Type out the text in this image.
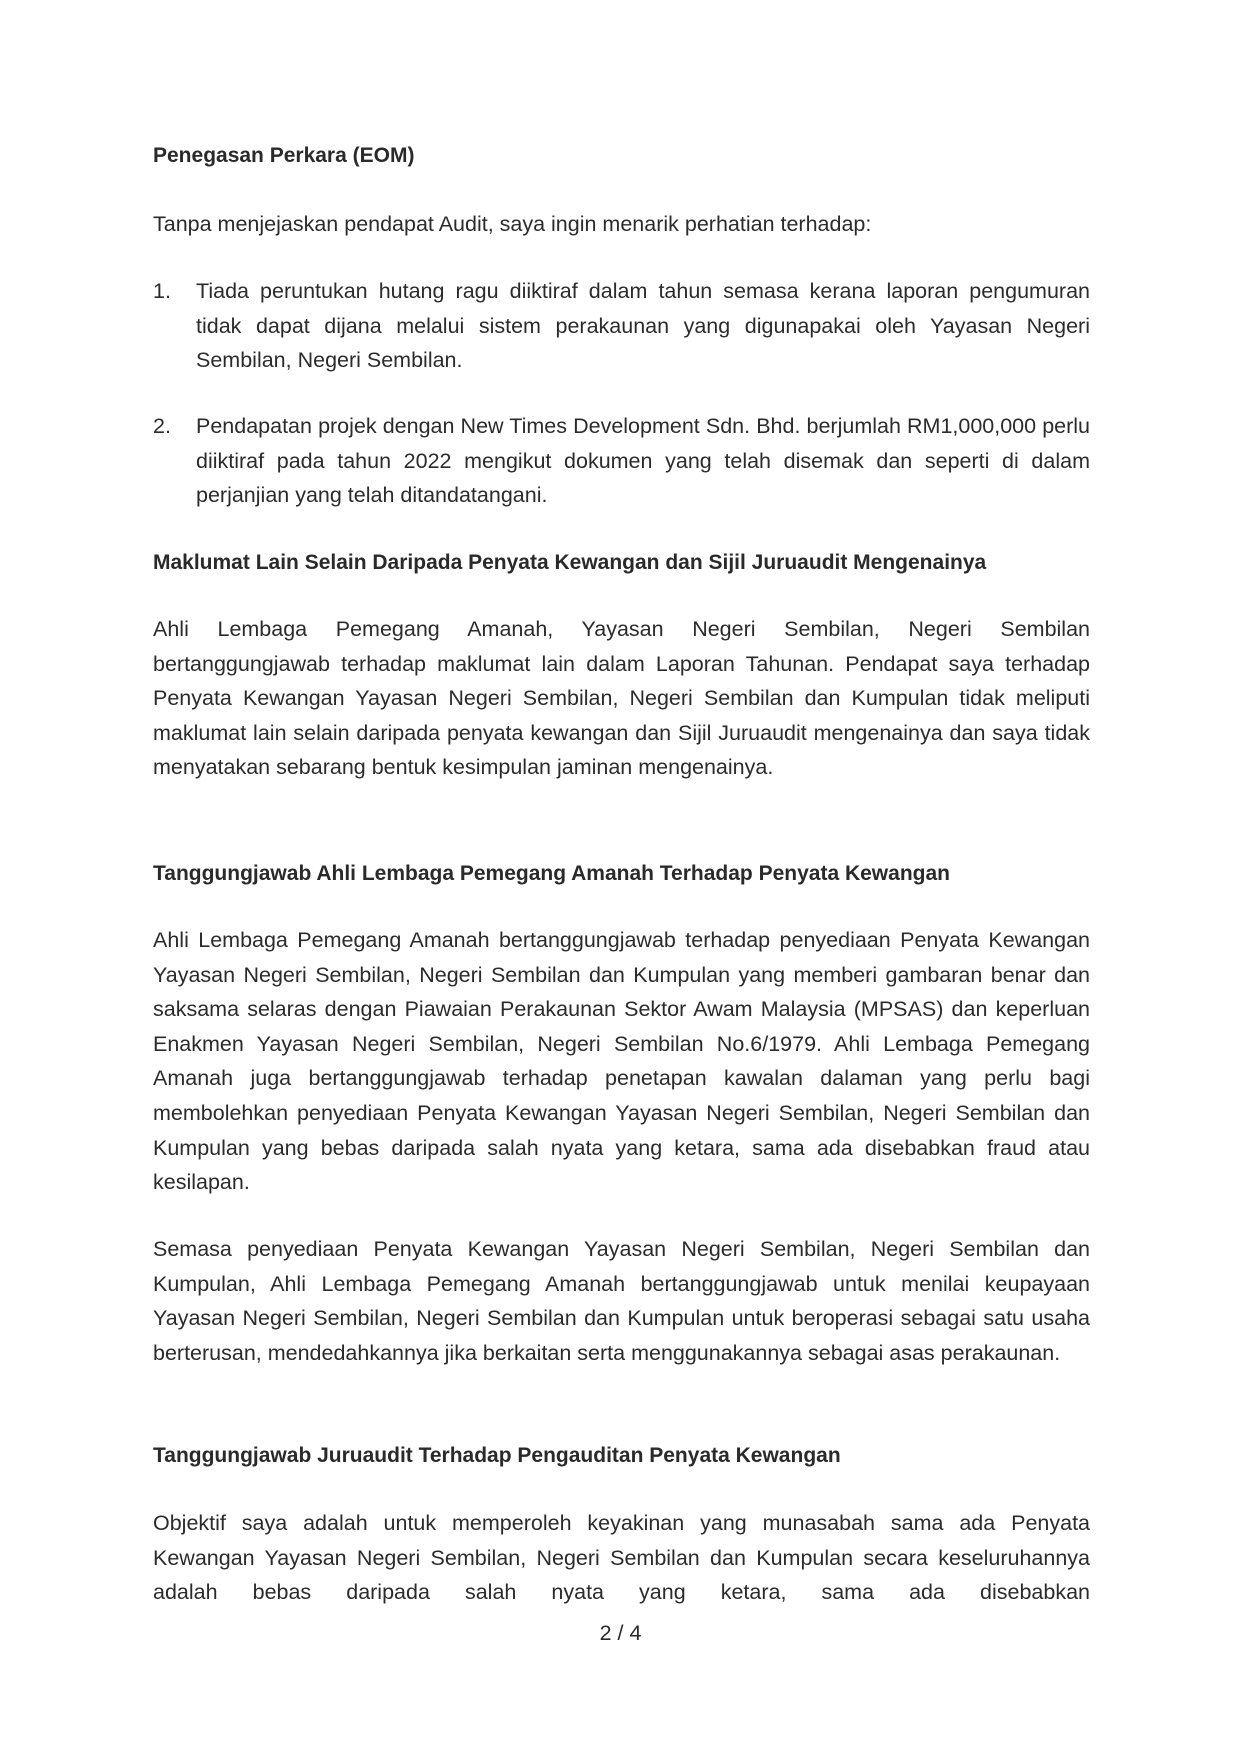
Penegasan Perkara (EOM)

Tanpa menjejaskan pendapat Audit, saya ingin menarik perhatian terhadap:

1.	Tiada peruntukan hutang ragu diiktiraf dalam tahun semasa kerana laporan pengumuran tidak dapat dijana melalui sistem perakaunan yang digunapakai oleh Yayasan Negeri Sembilan, Negeri Sembilan.

2.	Pendapatan projek dengan New Times Development Sdn. Bhd. berjumlah RM1,000,000 perlu diiktiraf pada tahun 2022 mengikut dokumen yang telah disemak dan seperti di dalam perjanjian yang telah ditandatangani.

Maklumat Lain Selain Daripada Penyata Kewangan dan Sijil Juruaudit Mengenainya

Ahli Lembaga Pemegang Amanah, Yayasan Negeri Sembilan, Negeri Sembilan bertanggungjawab terhadap maklumat lain dalam Laporan Tahunan. Pendapat saya terhadap Penyata Kewangan Yayasan Negeri Sembilan, Negeri Sembilan dan Kumpulan tidak meliputi maklumat lain selain daripada penyata kewangan dan Sijil Juruaudit mengenainya dan saya tidak menyatakan sebarang bentuk kesimpulan jaminan mengenainya.

Tanggungjawab Ahli Lembaga Pemegang Amanah Terhadap Penyata Kewangan

Ahli Lembaga Pemegang Amanah bertanggungjawab terhadap penyediaan Penyata Kewangan Yayasan Negeri Sembilan, Negeri Sembilan dan Kumpulan yang memberi gambaran benar dan saksama selaras dengan Piawaian Perakaunan Sektor Awam Malaysia (MPSAS) dan keperluan Enakmen Yayasan Negeri Sembilan, Negeri Sembilan No.6/1979. Ahli Lembaga Pemegang Amanah juga bertanggungjawab terhadap penetapan kawalan dalaman yang perlu bagi membolehkan penyediaan Penyata Kewangan Yayasan Negeri Sembilan, Negeri Sembilan dan Kumpulan yang bebas daripada salah nyata yang ketara, sama ada disebabkan fraud atau kesilapan.

Semasa penyediaan Penyata Kewangan Yayasan Negeri Sembilan, Negeri Sembilan dan Kumpulan, Ahli Lembaga Pemegang Amanah bertanggungjawab untuk menilai keupayaan Yayasan Negeri Sembilan, Negeri Sembilan dan Kumpulan untuk beroperasi sebagai satu usaha berterusan, mendedahkannya jika berkaitan serta menggunakannya sebagai asas perakaunan.

Tanggungjawab Juruaudit Terhadap Pengauditan Penyata Kewangan

Objektif saya adalah untuk memperoleh keyakinan yang munasabah sama ada Penyata Kewangan Yayasan Negeri Sembilan, Negeri Sembilan dan Kumpulan secara keseluruhannya adalah bebas daripada salah nyata yang ketara, sama ada disebabkan

2 / 4
